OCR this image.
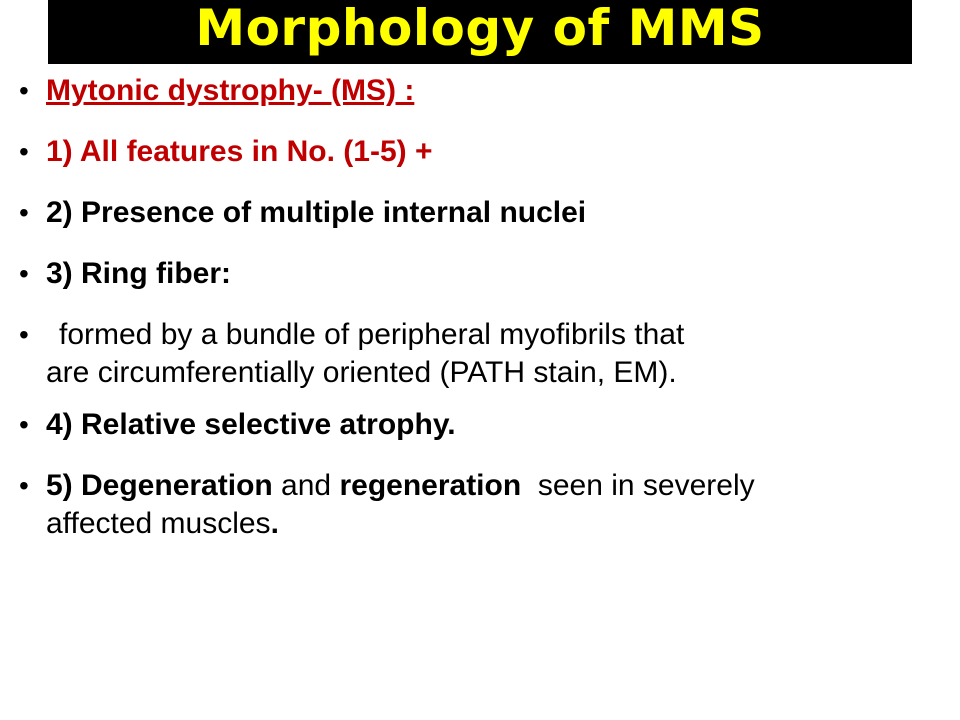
Morphology of MMS
• Mytonic dystrophy- (MS) :
• 1) All features in No. (1-5) +
• 2) Presence of multiple internal nuclei
• 3) Ring fiber:
•	formed by a bundle of peripheral myofibrils that
are circumferentially oriented (PATH stain, EM).
• 4) Relative selective atrophy.
• 5) Degeneration and regeneration  seen in severely
affected muscles.
